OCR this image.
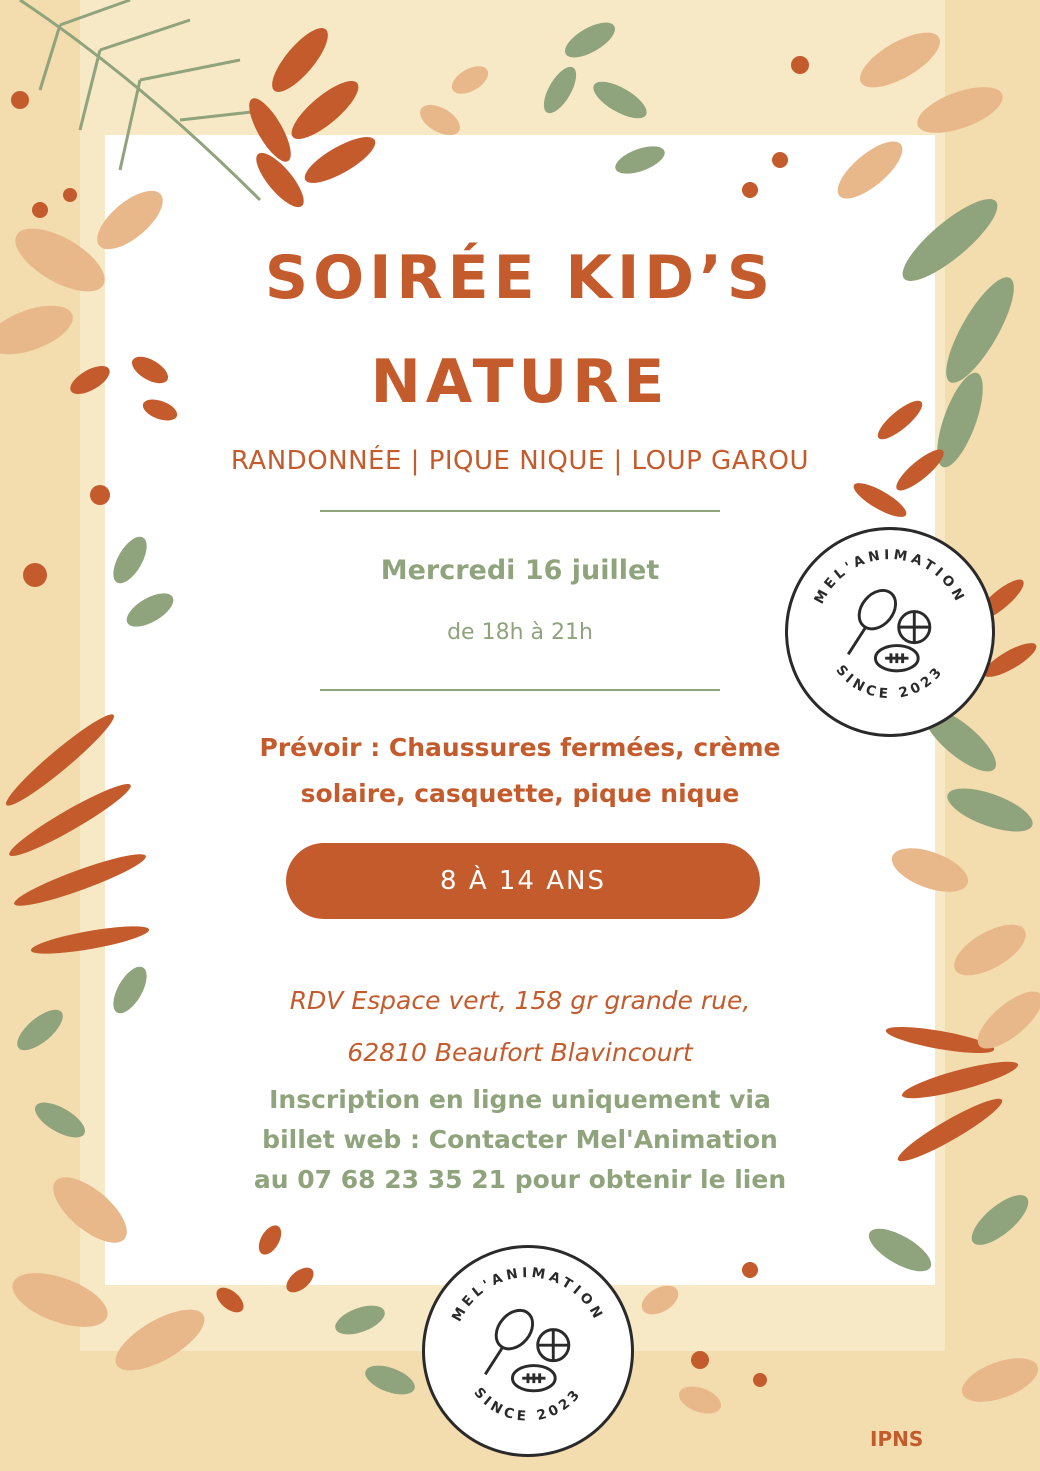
SOIRÉE KID’S
NATURE
RANDONNÉE | PIQUE NIQUE | LOUP GAROU
Mercredi 16 juillet
de 18h à 21h
Prévoir : Chaussures fermées, crème
solaire, casquette, pique nique
8 À 14 ANS
RDV Espace vert, 158 gr grande rue,
62810 Beaufort Blavincourt
Inscription en ligne uniquement via
billet web : Contacter Mel'Animation
au 07 68 23 35 21 pour obtenir le lien
MEL'ANIMATION
SINCE 2023
MEL'ANIMATION
SINCE 2023
IPNS
